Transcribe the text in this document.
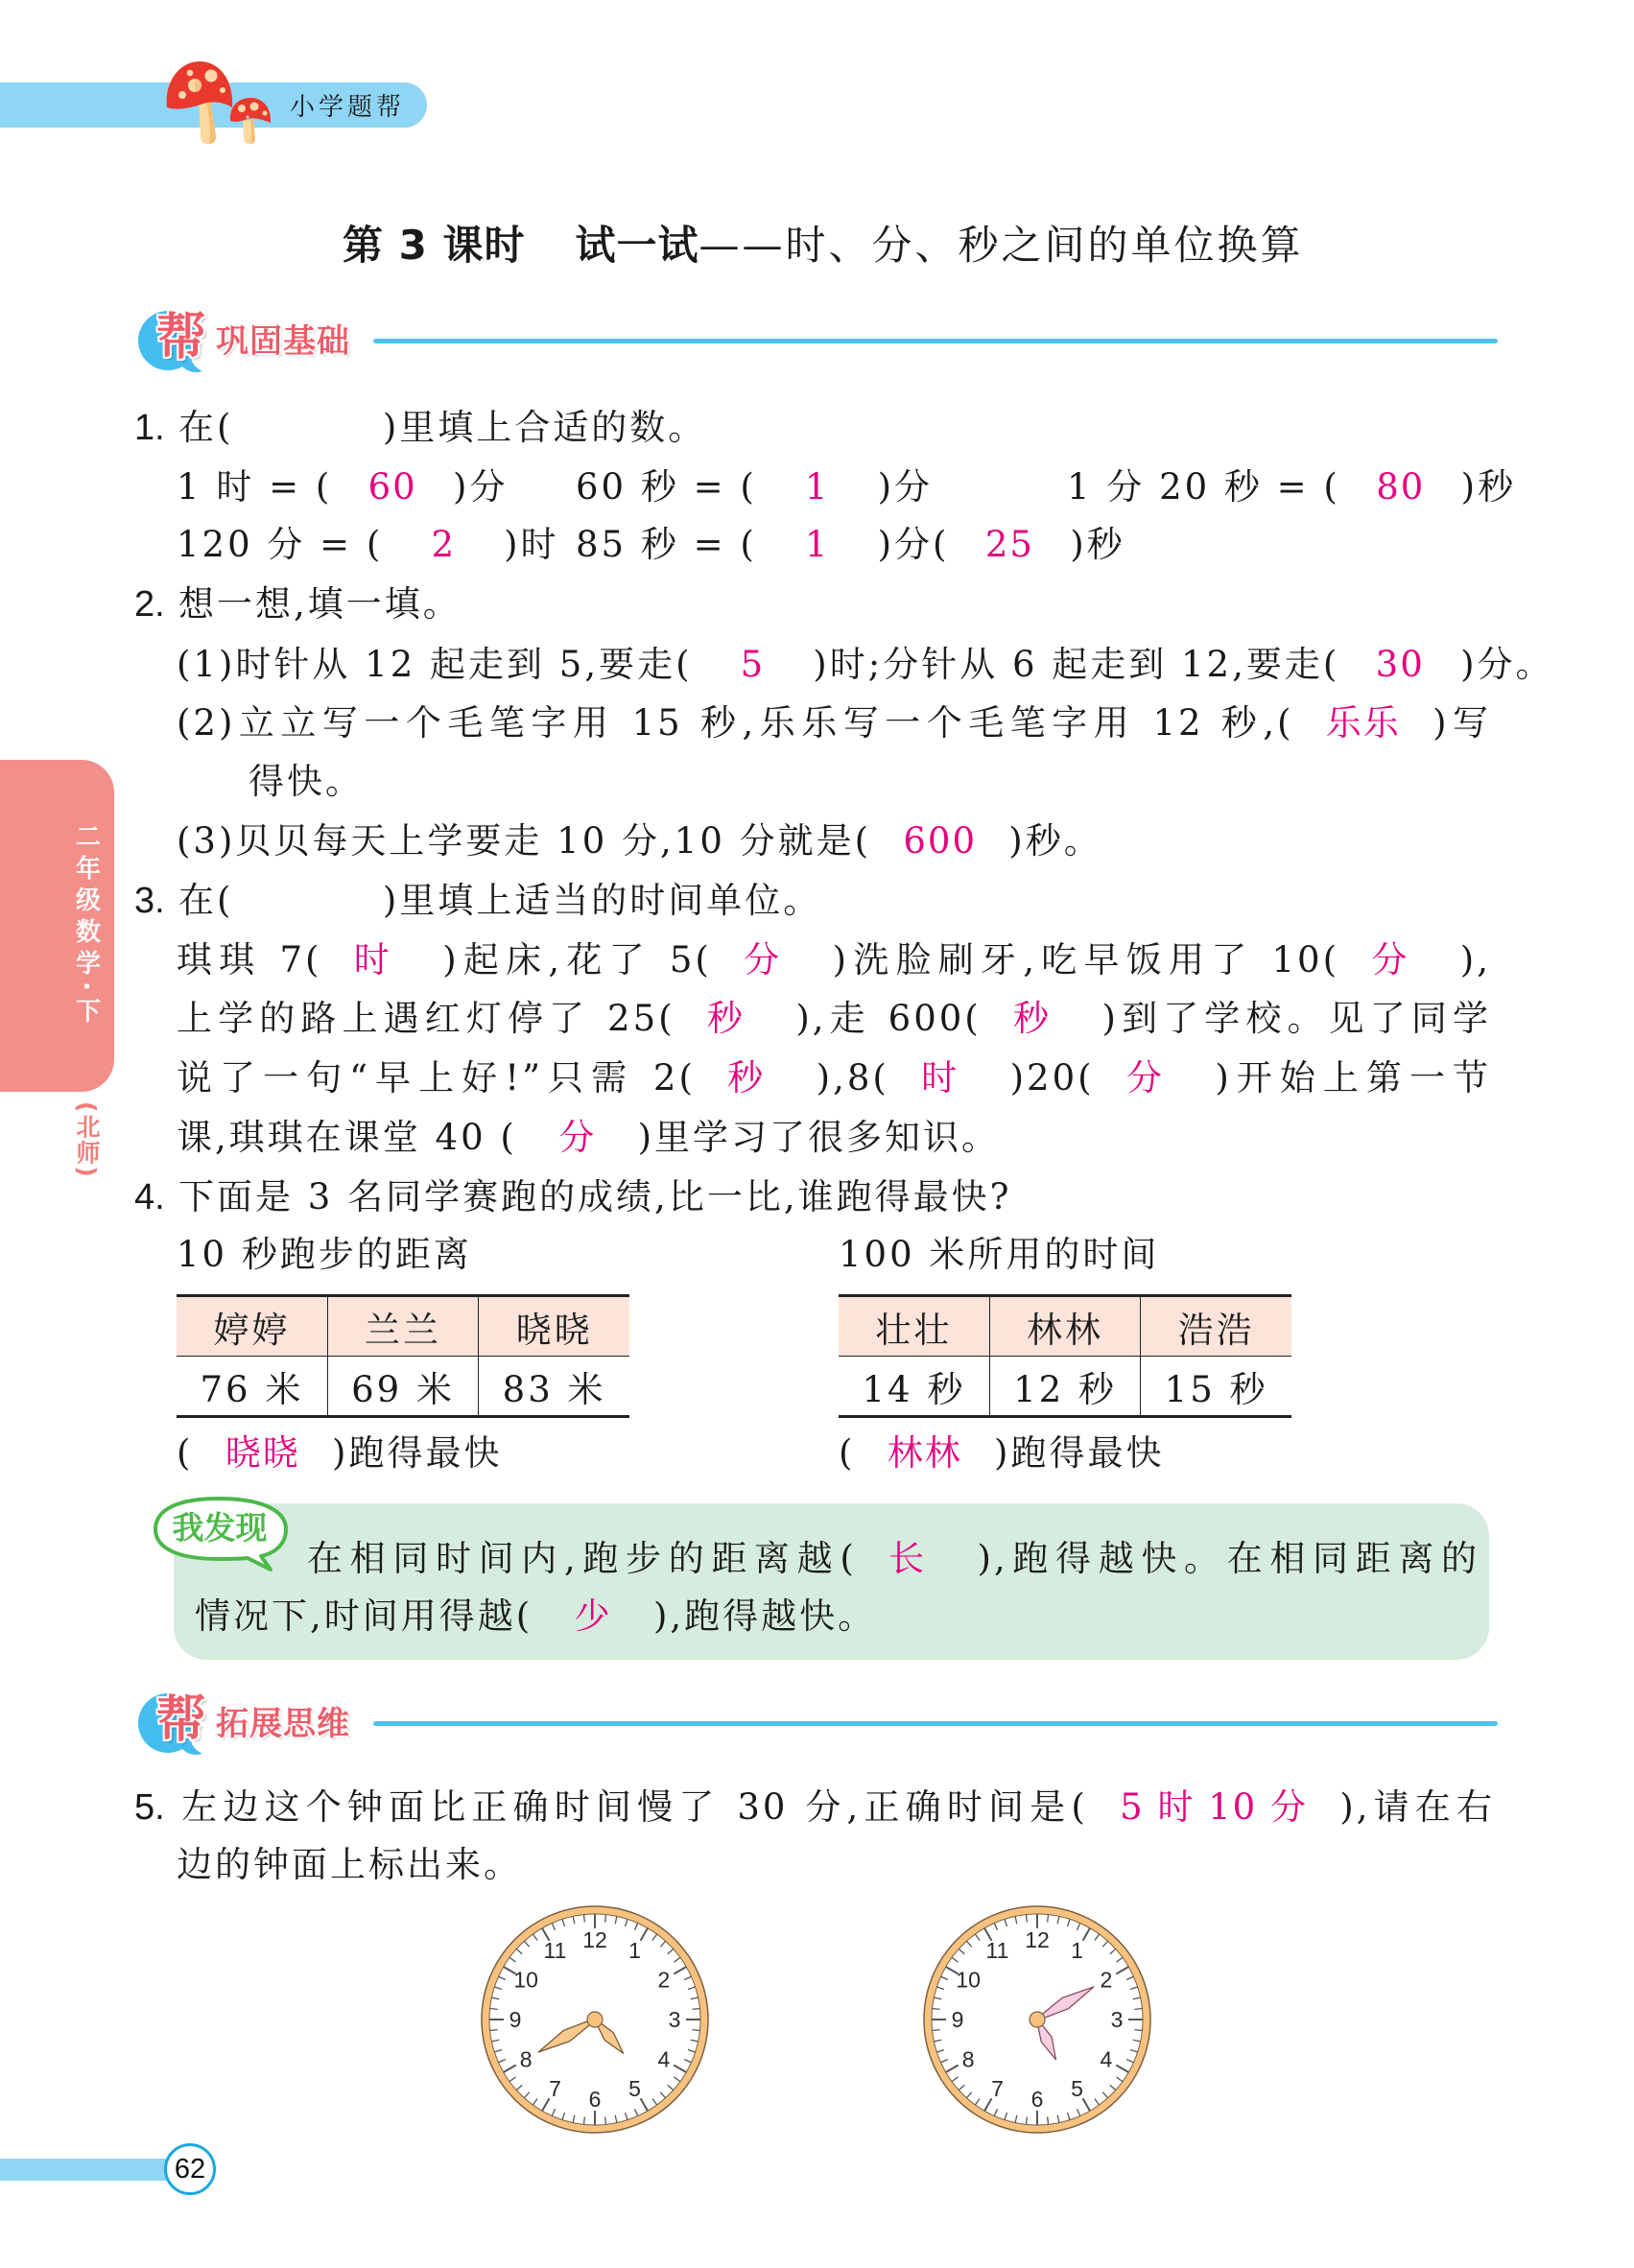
小学题帮
第 3 课时 试一试——时、分、秒之间的单位换算
帮 巩固基础
1. 在(	)里填上合适的数。
1 时 = ( 60 )分 60 秒 = ( 1 )分	1 分 20 秒 = ( 80 )秒
120 分 = ( 2 )时 85 秒 = ( 1 )分( 25 )秒
2. 想一想,填一填。
(1)时针从 12 起走到 5,要走( 5 )时;分针从 6 起走到 12,要走( 30 )分。
(2)立立写一个毛笔字用 15 秒,乐乐写一个毛笔字用 12 秒,( 乐乐 )写
得快。
(3)贝贝每天上学要走 10 分,10 分就是( 600 )秒。
3. 在(	)里填上适当的时间单位。
琪琪 7( 时 )起床,花了 5( 分 )洗脸刷牙,吃早饭用了 10( 分 ),
上学的路上遇红灯停了 25( 秒 ),走 600( 秒 )到了学校。见了同学
说了一句“早上好!”只需 2( 秒 ),8( 时 )20( 分 )开始上第一节
课,琪琪在课堂 40 ( 分 )里学习了很多知识。
4. 下面是 3 名同学赛跑的成绩,比一比,谁跑得最快?
10 秒跑步的距离
婷婷	兰兰	晓晓
76 米	69 米	83 米
( 晓晓 )跑得最快
100 米所用的时间
壮壮	林林	浩浩
14 秒	12 秒	15 秒
( 林林 )跑得最快
我发现
在相同时间内,跑步的距离越( 长 ),跑得越快。在相同距离的
情况下,时间用得越( 少 ),跑得越快。
帮 拓展思维
5. 左边这个钟面比正确时间慢了 30 分,正确时间是( 5 时 10 分 ),请在右
边的钟面上标出来。
12 1
2
3
4
5
6
7
8
9
10
11	12 1
2
3
4
5
6
7
8
9
10
11
二年级数学·下
(北师)
62
